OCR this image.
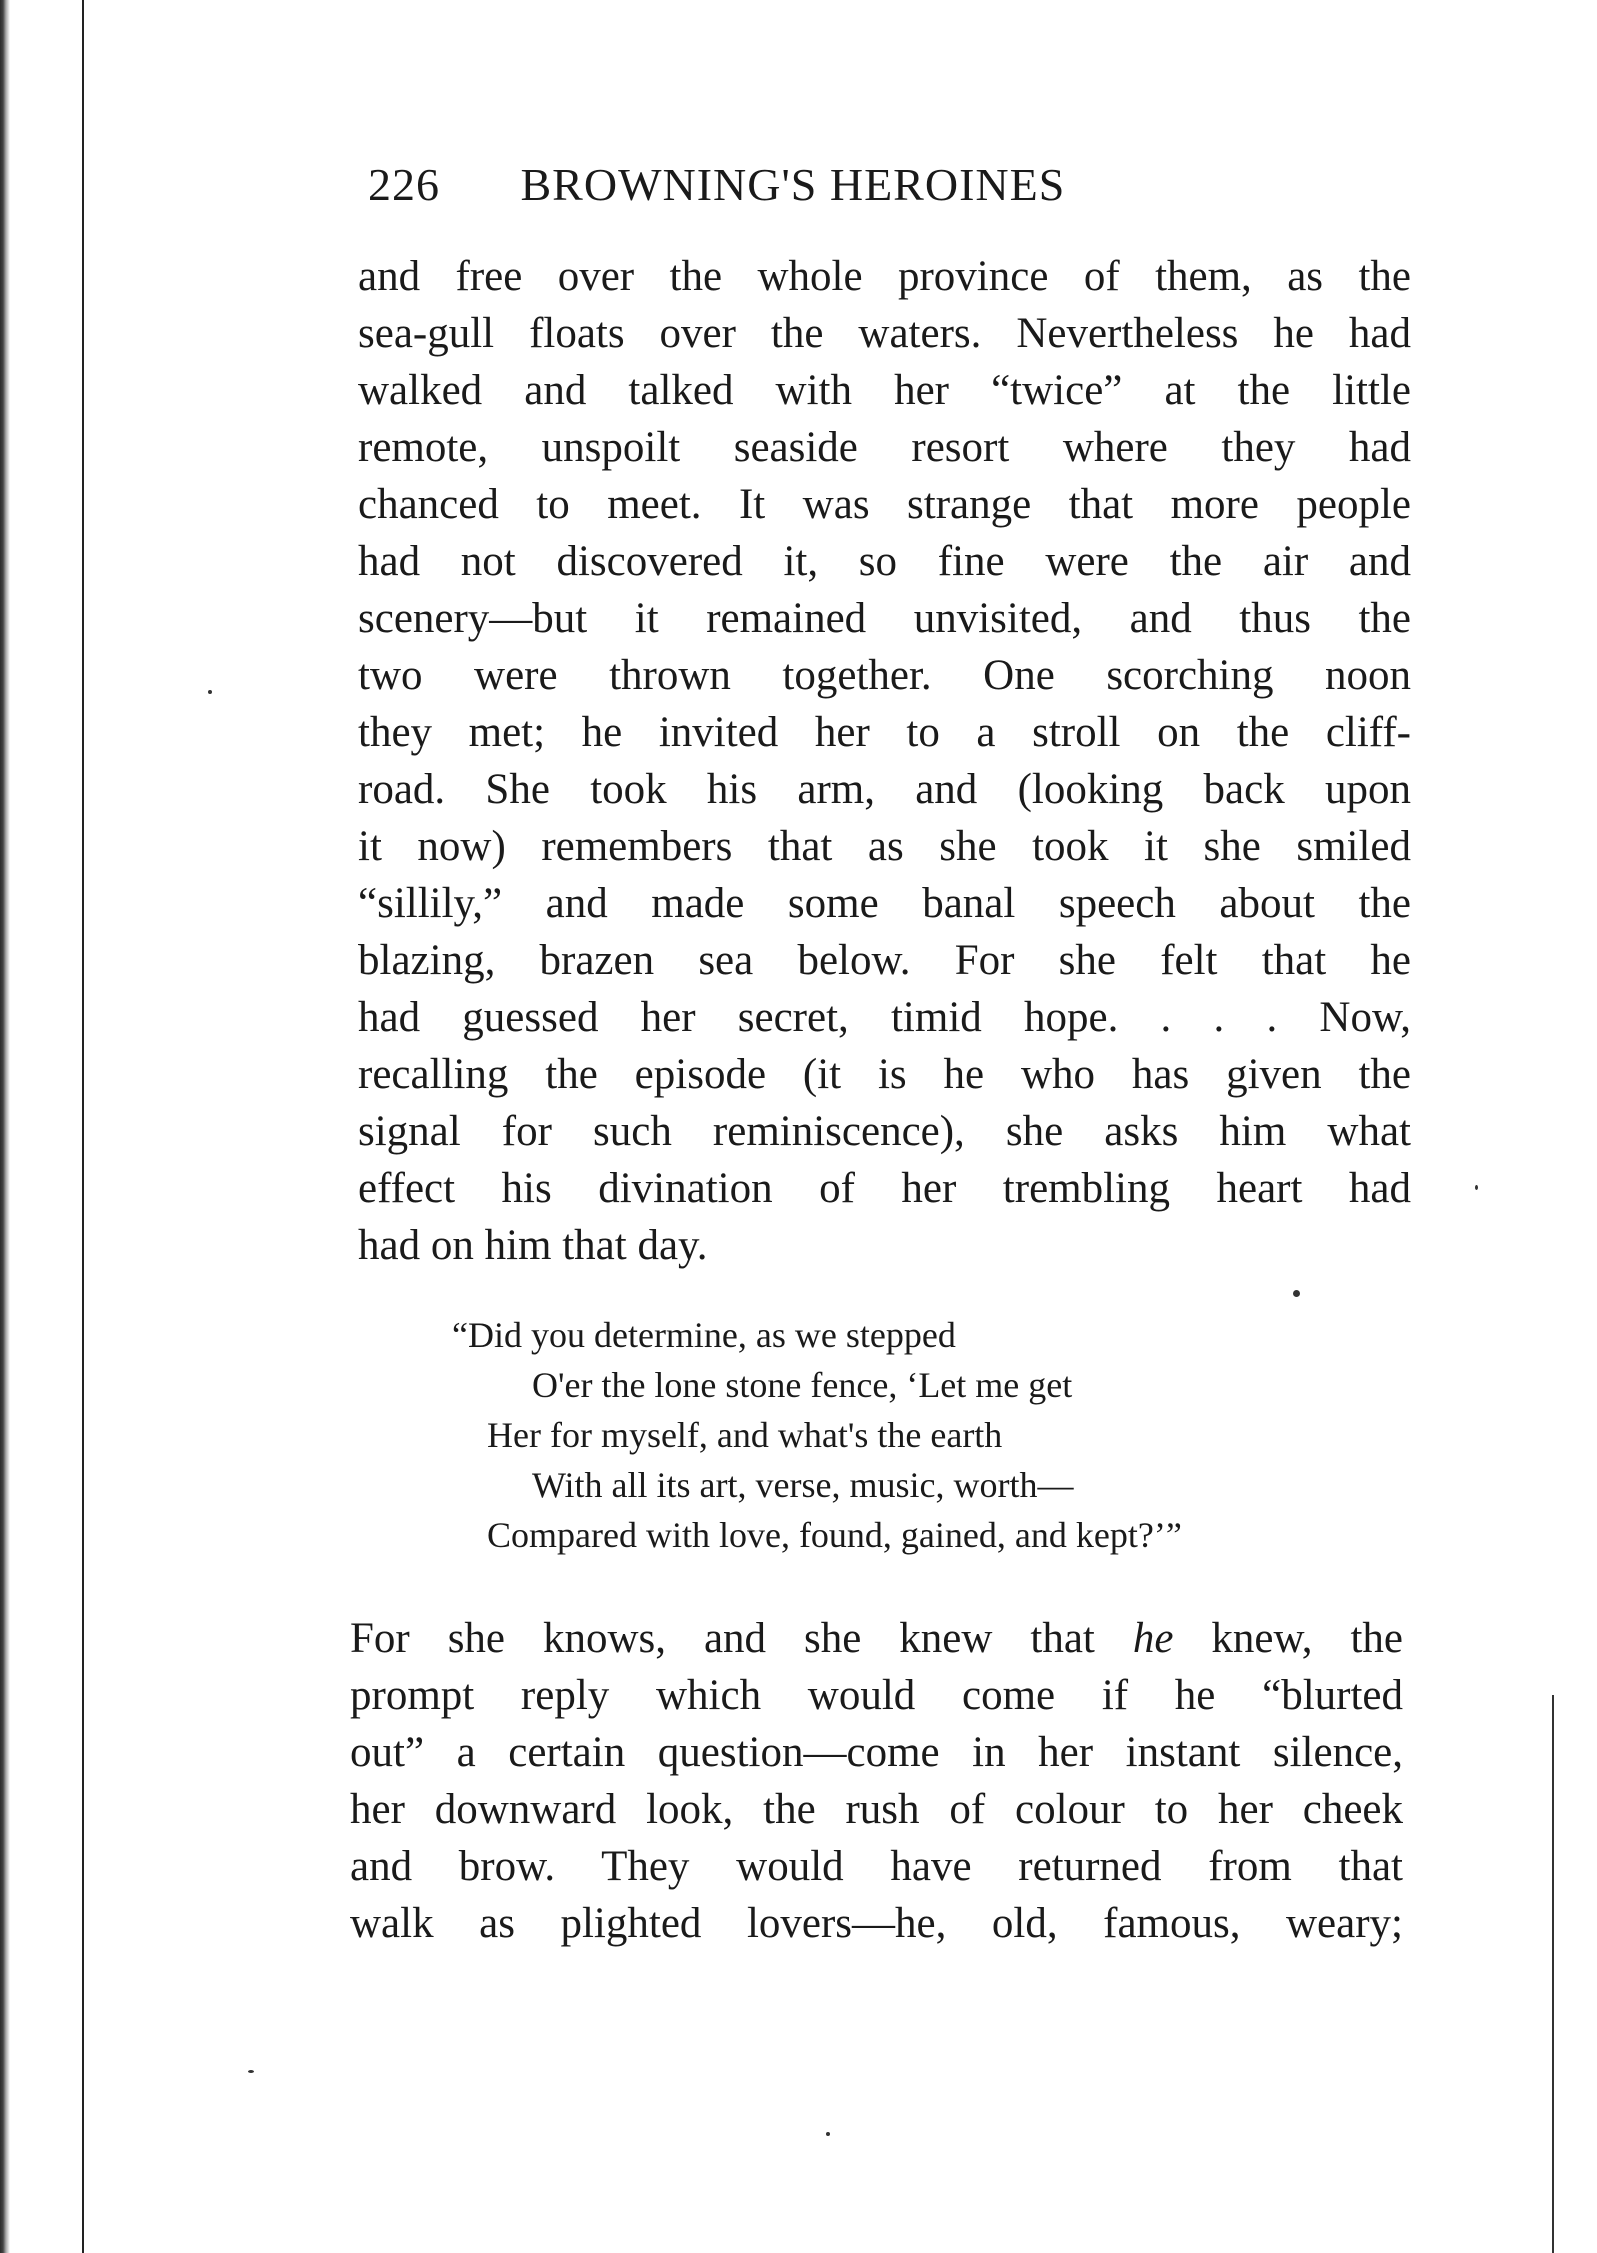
226 BROWNING'S HEROINES
and free over the whole province of them, as the
sea-gull floats over the waters. Nevertheless he had
walked and talked with her “twice” at the little
remote, unspoilt seaside resort where they had
chanced to meet. It was strange that more people
had not discovered it, so fine were the air and
scenery—but it remained unvisited, and thus the
two were thrown together. One scorching noon
they met; he invited her to a stroll on the cliff-
road. She took his arm, and (looking back upon
it now) remembers that as she took it she smiled
“sillily,” and made some banal speech about the
blazing, brazen sea below. For she felt that he
had guessed her secret, timid hope. . . . Now,
recalling the episode (it is he who has given the
signal for such reminiscence), she asks him what
effect his divination of her trembling heart had
had on him that day.
“Did you determine, as we stepped
O'er the lone stone fence, ‘Let me get
Her for myself, and what's the earth
With all its art, verse, music, worth—
Compared with love, found, gained, and kept?’”
For she knows, and she knew that he knew, the
prompt reply which would come if he “blurted
out” a certain question—come in her instant silence,
her downward look, the rush of colour to her cheek
and brow. They would have returned from that
walk as plighted lovers—he, old, famous, weary;
